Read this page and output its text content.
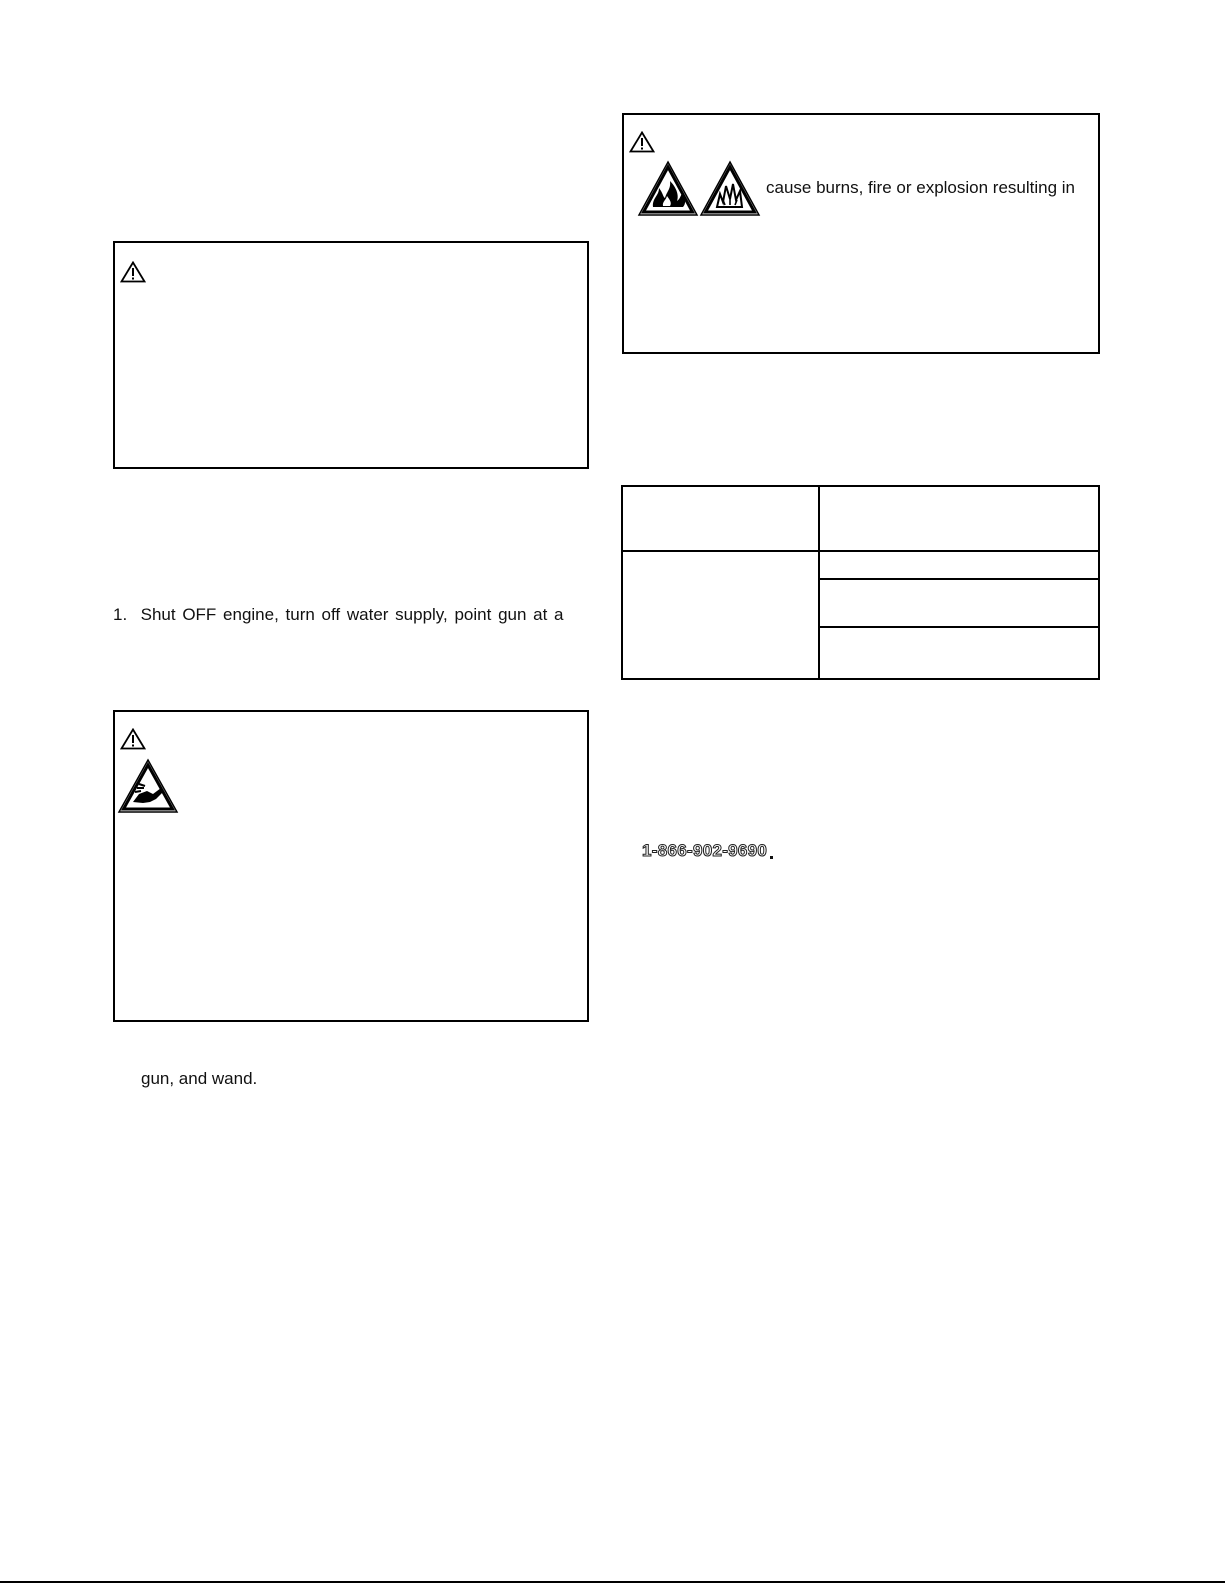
1.  Shut OFF engine, turn off water supply, point gun at a
gun, and wand.
cause burns, fire or explosion resulting in
1-866-902-9690
